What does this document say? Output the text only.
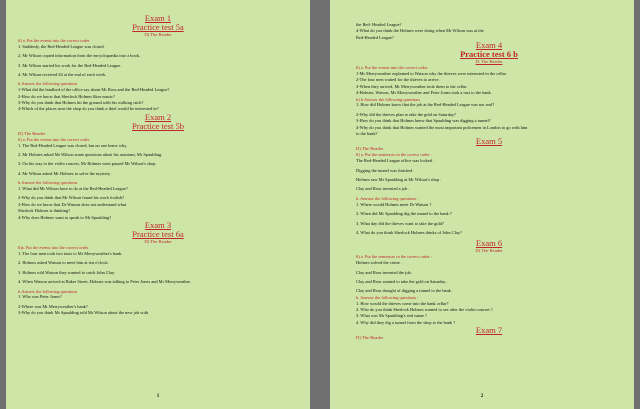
Exam 1
Practice test 5a
D) The Reader
6) a. Put the events into the correct order
1. Suddenly, the Red-Headed League was closed.
2. Mr Wilson copied information from the encyclopaedia into a book.
3. Mr Wilson started his work for the Red-Headed League.
4. Mr Wilson received £4 at the end of each week.
b.Answer the following questions
1-What did the landlord of the office say about Mr Ross and the Red-Headed League?
2-How do we know that Sherlock Holmes likes music?
3-Why do you think that Holmes hit the ground with his walking stick?
4-Which of the places near the shop do you think a thief would be interested in?
Exam 2
Practice test 5b
D) The Reader
6) a. Put the events into the correct order
1. The Red-Headed League was closed, but no one knew why.
2. Mr Holmes asked Mr Wilson some questions about his assistant, Mr Spaulding.
3. On his way to the violin concert, Mr Holmes went passed Mr Wilson's shop.
4. Mr Wilson asked Mr Holmes to solve the mystery.
b.Answer the following questions
1. What did Mr Wilson have to do at the Red-Headed League?
2-Why do you think that Mr Wilson found his work foolish?
3-How do we know that Dr Watson does not understand what
Sherlock Holmes is thinking?
4-Why does Holmes want to speak to Mr Spaulding?
Exam 3
Practice test 6a
D) The Reader
6)a. Put the events into the correct order
1. The four men took two taxis to Mr Merryweather's bank.
2. Holmes asked Watson to meet him at ten o'clock.
3. Holmes told Watson they wanted to catch John Clay.
4. When Watson arrived at Baker Street, Holmes was talking to Peter Jones and Mr Merryweather.
b.Answer the following questions
1. Who was Peter Jones?
2-Where was Mr Merryweather's bank?
3-Why do you think Mr Spaulding told Mr Wilson about the new job with
1
the Red- Headed League?
4-What do you think the Holmes were doing when Mr Wilson was at the
Red-Headed League?
Exam 4
Practice test 6 b
D. The Reader
6) a. Put the events into the correct order
1-Mr Merryweather explained to Watson why the thieves were interested in the cellar.
2-The four men waited for the thieves to arrive.
3-When they arrived, Mr Merryweather took them to the cellar.
4-Holmes, Watson, Mr Merryweather and Peter Jones took a taxi to the bank.
b) b.Answer the following questions
1. How did Holmes know that the job at the Red-Headed League was not real?
2-Why did the thieves plan to take the gold on Saturday?
3-How do you think that Holmes knew that Spaulding was digging a tunnel?
4-Why do you think that Holmes wanted the most important policemen in London to go with him
to the bank?
Exam 5
D) The Reader
6) a. Put the sentences in the correct order :
The Red-Headed League office was locked .
Digging the tunnel was finished .
Holmes saw Mr Spaulding at Mr Wilson's shop .
Clay and Ross invented a job .
b. Answer the following questions :
1. Where would Holmes meet Dr Watson ?
2. When did Mr Spaulding dig the tunnel to the bank ?
3. What day did the thieves want to take the gold?
4. What do you think Sherlock Holmes thinks of John Clay?
Exam 6
D) The Reader
6) a. Put the sentences in the correct order :
Holmes solved the crime .
Clay and Ross invented the job.
Clay and Ross wanted to take the gold on Saturday .
Clay and Ross thought of digging a tunnel to the bank .
b. Answer the following questions :
1. How would the thieves come into the bank cellar?
2. Who do you think Sherlock Holmes wanted to see after the violin concert ?
3. What was Mr Spaulding's real name ?
4. Why did they dig a tunnel from the shop to the bank ?
Exam 7
D) The Reader
2
